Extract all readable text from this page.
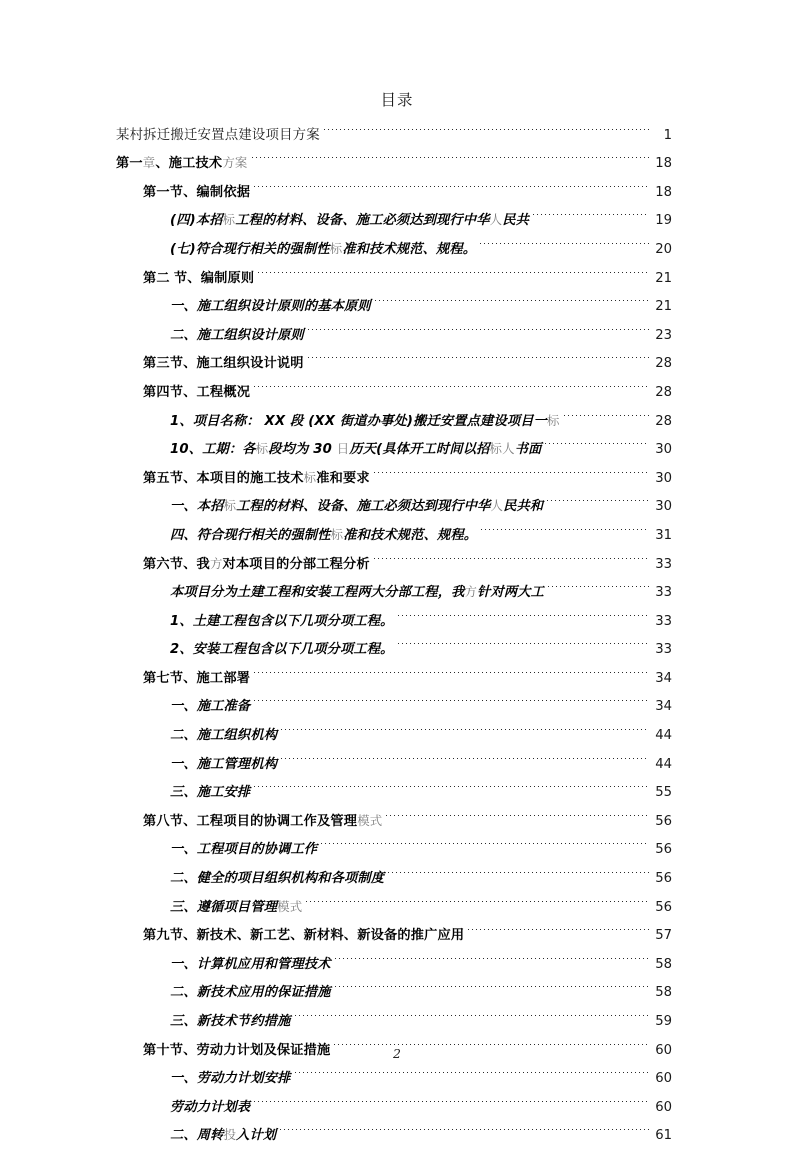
目录
某村拆迁搬迁安置点建设项目方案	1
第一章、施工技术方案	18
第一节、编制依据	18
(四)本招标工程的材料、设备、施工必须达到现行中华人民共	19
(七)符合现行相关的强制性标准和技术规范、规程。	20
第二 节、编制原则	21
一、施工组织设计原则的基本原则	21
二、施工组织设计原则	23
第三节、施工组织设计说明	28
第四节、工程概况	28
1、项目名称： XX 段 (XX 街道办事处)搬迁安置点建设项目一标	28
10、工期：各标段均为 30 日历天(具体开工时间以招标人书面	30
第五节、本项目的施工技术标准和要求	30
一、本招标工程的材料、设备、施工必须达到现行中华人民共和	30
四、符合现行相关的强制性标准和技术规范、规程。	31
第六节、我方对本项目的分部工程分析	33
本项目分为土建工程和安装工程两大分部工程，我方针对两大工	33
1、土建工程包含以下几项分项工程。	33
2、安装工程包含以下几项分项工程。	33
第七节、施工部署	34
一、施工准备	34
二、施工组织机构	44
一、施工管理机构	44
三、施工安排	55
第八节、工程项目的协调工作及管理模式	56
一、工程项目的协调工作	56
二、健全的项目组织机构和各项制度	56
三、遵循项目管理模式	56
第九节、新技术、新工艺、新材料、新设备的推广应用	57
一、计算机应用和管理技术	58
二、新技术应用的保证措施	58
三、新技术节约措施	59
第十节、劳动力计划及保证措施	60
一、劳动力计划安排	60
劳动力计划表	60
二、周转投入计划	61
2
